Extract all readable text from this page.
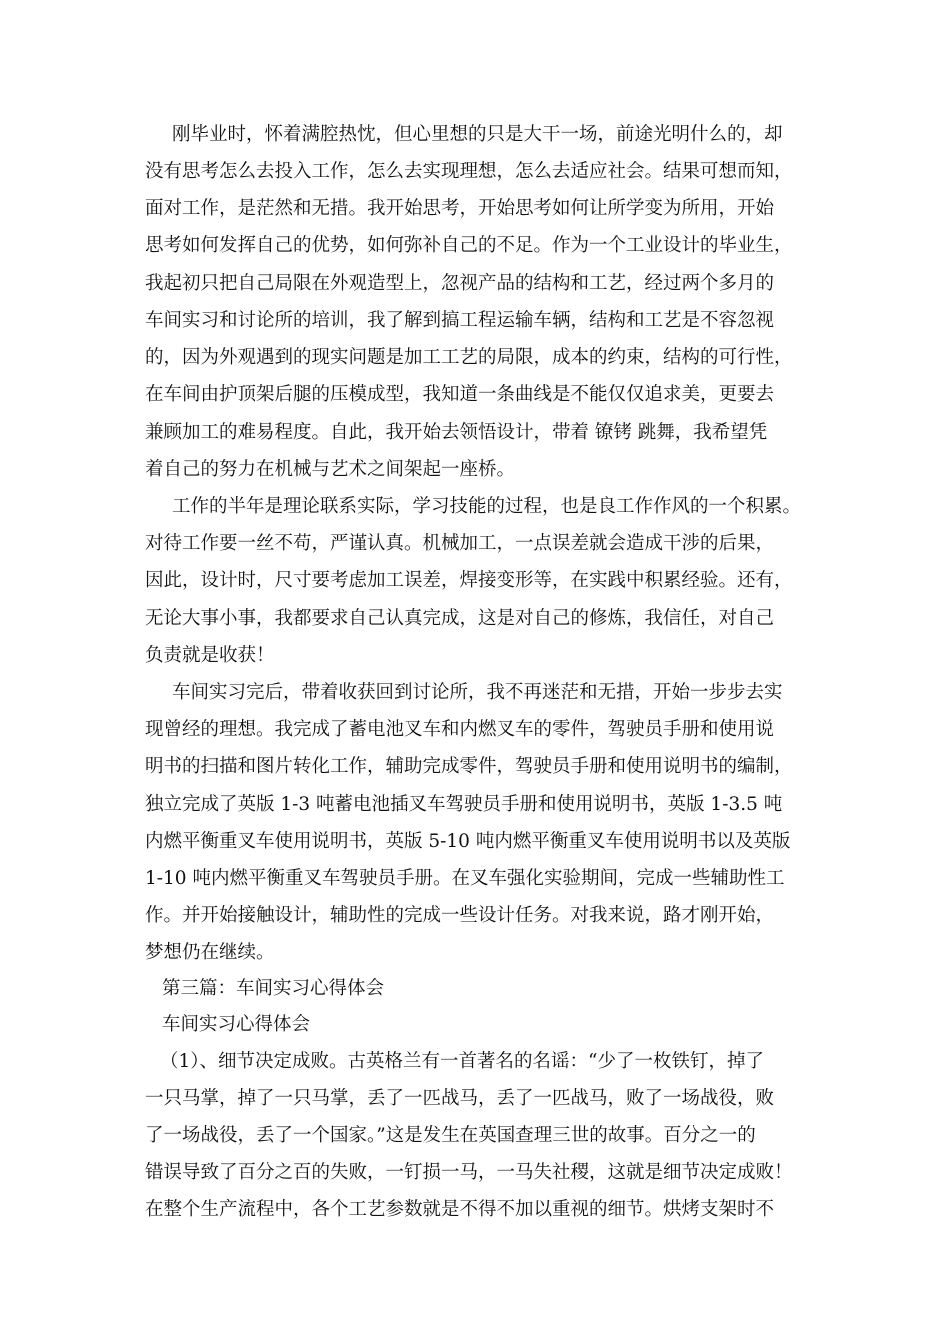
刚毕业时，怀着满腔热忱，但心里想的只是大干一场，前途光明什么的，却

没有思考怎么去投入工作，怎么去实现理想，怎么去适应社会。结果可想而知，

面对工作，是茫然和无措。我开始思考，开始思考如何让所学变为所用，开始

思考如何发挥自己的优势，如何弥补自己的不足。作为一个工业设计的毕业生，

我起初只把自己局限在外观造型上，忽视产品的结构和工艺，经过两个多月的

车间实习和讨论所的培训，我了解到搞工程运输车辆，结构和工艺是不容忽视

的，因为外观遇到的现实问题是加工工艺的局限，成本的约束，结构的可行性，

在车间由护顶架后腿的压模成型，我知道一条曲线是不能仅仅追求美，更要去

兼顾加工的难易程度。自此，我开始去领悟设计，带着 镣铐 跳舞，我希望凭

着自己的努力在机械与艺术之间架起一座桥。

工作的半年是理论联系实际，学习技能的过程，也是良工作作风的一个积累。

对待工作要一丝不苟，严谨认真。机械加工，一点误差就会造成干涉的后果，

因此，设计时，尺寸要考虑加工误差，焊接变形等，在实践中积累经验。还有，

无论大事小事，我都要求自己认真完成，这是对自己的修炼，我信任，对自己

负责就是收获！

车间实习完后，带着收获回到讨论所，我不再迷茫和无措，开始一步步去实

现曾经的理想。我完成了蓄电池叉车和内燃叉车的零件，驾驶员手册和使用说

明书的扫描和图片转化工作，辅助完成零件，驾驶员手册和使用说明书的编制，

独立完成了英版 1-3 吨蓄电池插叉车驾驶员手册和使用说明书，英版 1-3.5 吨

内燃平衡重叉车使用说明书，英版 5-10 吨内燃平衡重叉车使用说明书以及英版

1-10 吨内燃平衡重叉车驾驶员手册。在叉车强化实验期间，完成一些辅助性工

作。并开始接触设计，辅助性的完成一些设计任务。对我来说，路才刚开始，

梦想仍在继续。

第三篇：车间实习心得体会

车间实习心得体会

（1）、细节决定成败。古英格兰有一首著名的名谣：“少了一枚铁钉，掉了

一只马掌，掉了一只马掌，丢了一匹战马，丢了一匹战马，败了一场战役，败

了一场战役，丢了一个国家。”这是发生在英国查理三世的故事。百分之一的

错误导致了百分之百的失败，一钉损一马，一马失社稷，这就是细节决定成败！

在整个生产流程中，各个工艺参数就是不得不加以重视的细节。烘烤支架时不
